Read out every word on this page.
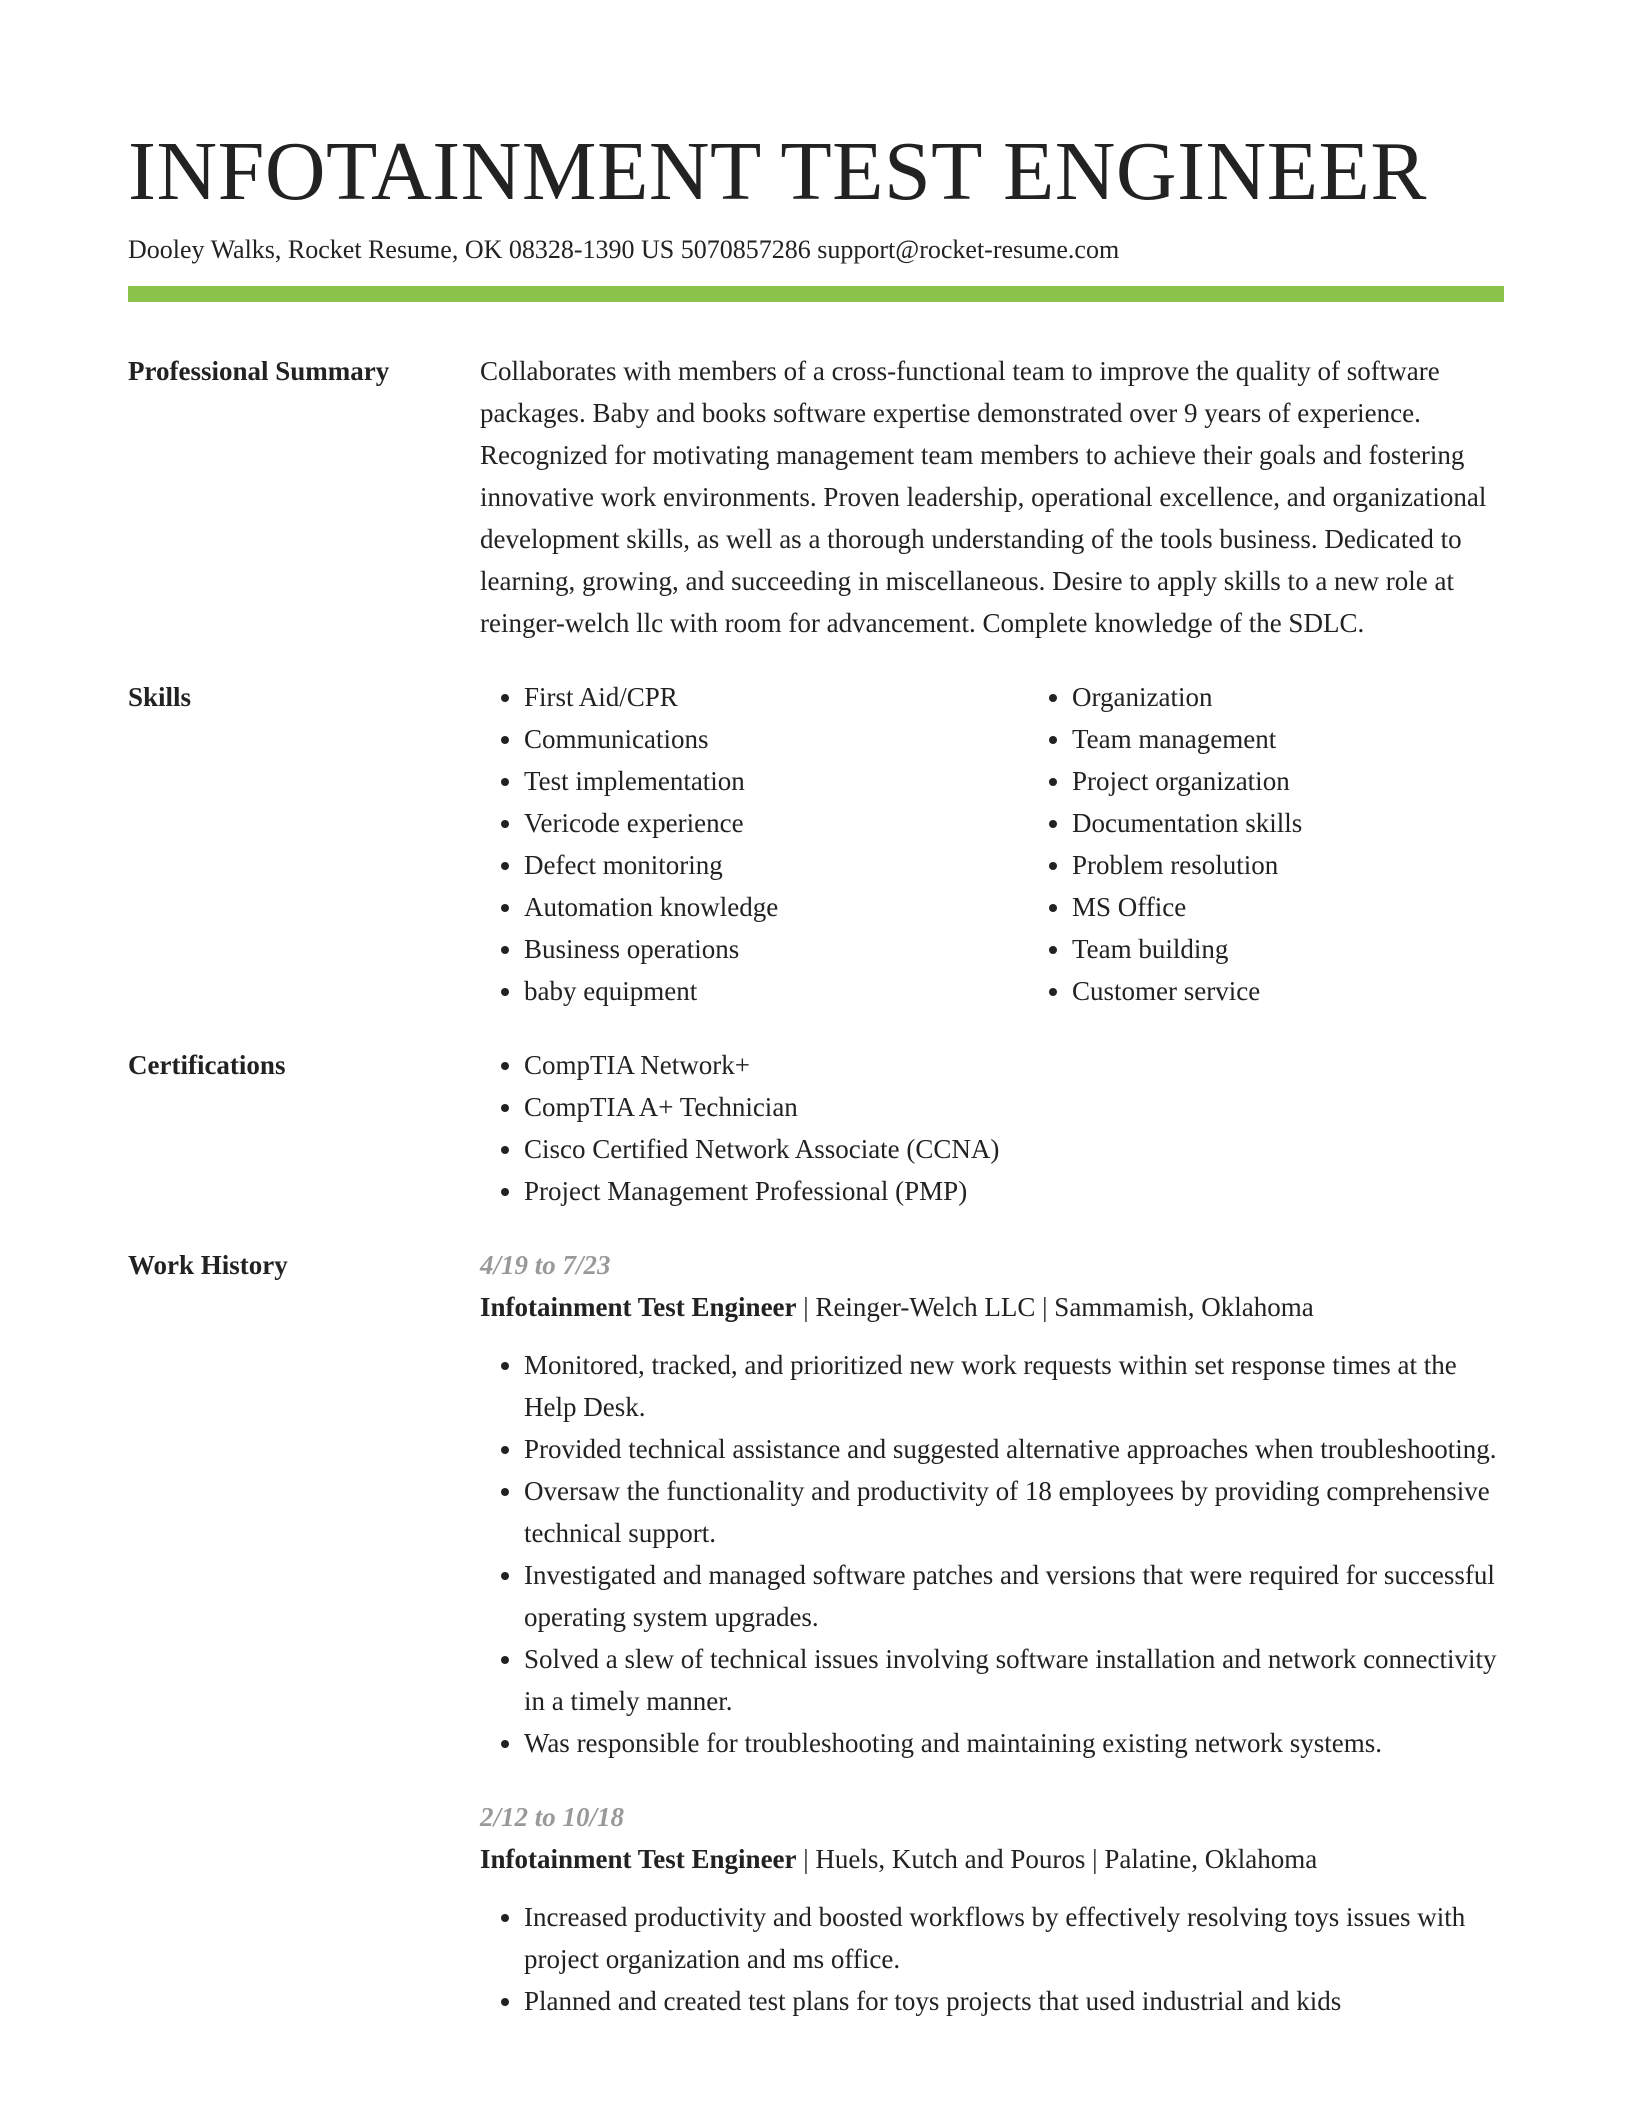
INFOTAINMENT TEST ENGINEER
Dooley Walks, Rocket Resume, OK 08328-1390 US 5070857286 support@rocket-resume.com
Professional Summary	Collaborates with members of a cross-functional team to improve the quality of software packages. Baby and books software expertise demonstrated over 9 years of experience. Recognized for motivating management team members to achieve their goals and fostering innovative work environments. Proven leadership, operational excellence, and organizational development skills, as well as a thorough understanding of the tools business. Dedicated to learning, growing, and succeeding in miscellaneous. Desire to apply skills to a new role at reinger-welch llc with room for advancement. Complete knowledge of the SDLC.

Skills	• First Aid/CPR
• Communications
• Test implementation
• Vericode experience
• Defect monitoring
• Automation knowledge
• Business operations
• baby equipment
• Organization
• Team management
• Project organization
• Documentation skills
• Problem resolution
• MS Office
• Team building
• Customer service
Certifications	• CompTIA Network+
• CompTIA A+ Technician
• Cisco Certified Network Associate (CCNA)
• Project Management Professional (PMP)
Work History	4/19 to 7/23
Infotainment Test Engineer | Reinger-Welch LLC | Sammamish, Oklahoma
• Monitored, tracked, and prioritized new work requests within set response times at the Help Desk.
• Provided technical assistance and suggested alternative approaches when troubleshooting.
• Oversaw the functionality and productivity of 18 employees by providing comprehensive technical support.
• Investigated and managed software patches and versions that were required for successful operating system upgrades.
• Solved a slew of technical issues involving software installation and network connectivity in a timely manner.
• Was responsible for troubleshooting and maintaining existing network systems.
2/12 to 10/18
Infotainment Test Engineer | Huels, Kutch and Pouros | Palatine, Oklahoma
• Increased productivity and boosted workflows by effectively resolving toys issues with project organization and ms office.
• Planned and created test plans for toys projects that used industrial and kids
